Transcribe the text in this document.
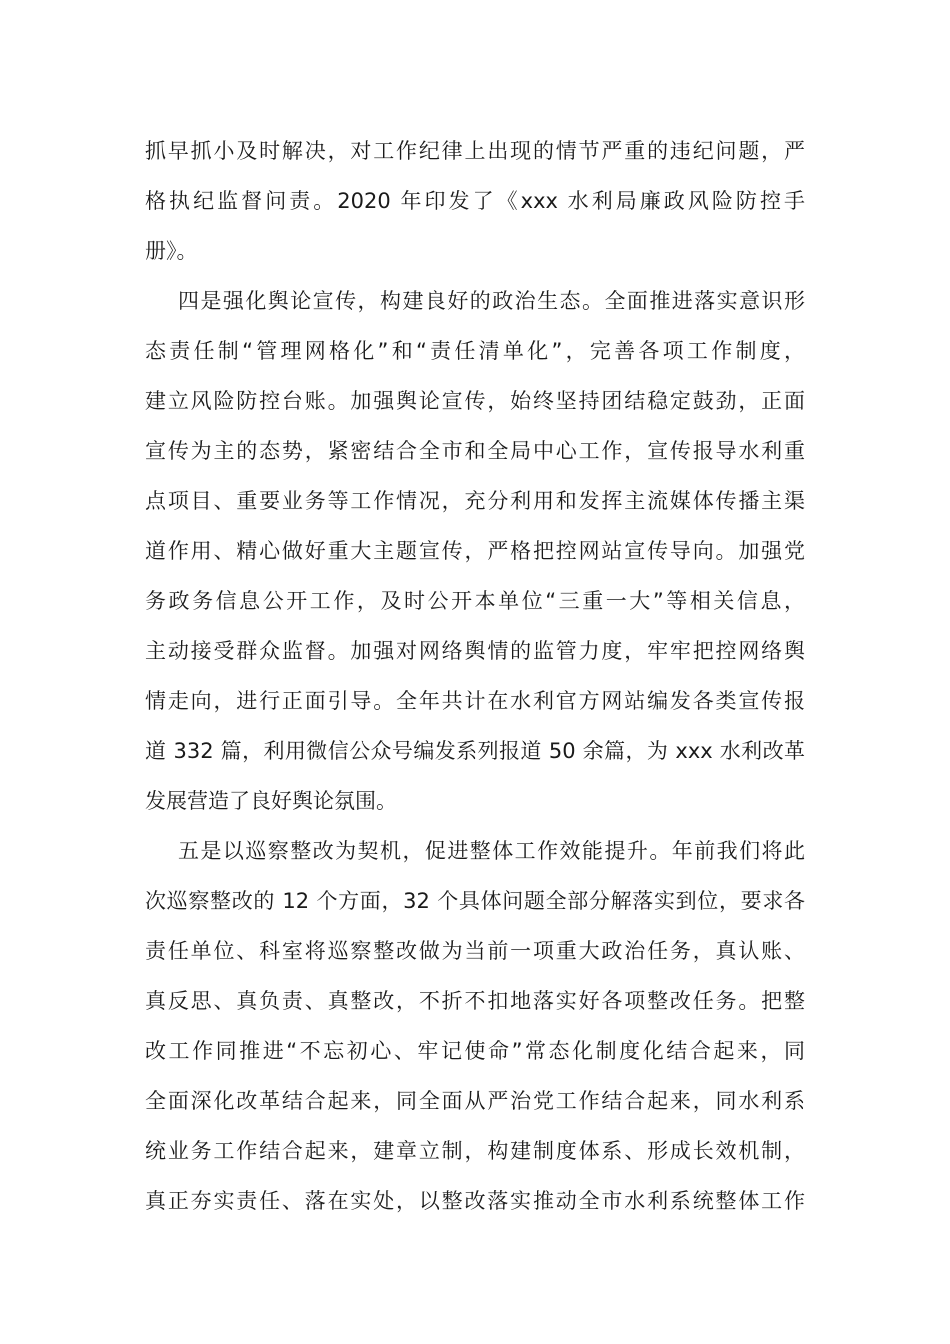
抓早抓小及时解决，对工作纪律上出现的情节严重的违纪问题，严
格执纪监督问责。2020 年印发了《xxx 水利局廉政风险防控手
册》。
四是强化舆论宣传，构建良好的政治生态。全面推进落实意识形
态责任制“管理网格化”和“责任清单化”，完善各项工作制度，
建立风险防控台账。加强舆论宣传，始终坚持团结稳定鼓劲，正面
宣传为主的态势，紧密结合全市和全局中心工作，宣传报导水利重
点项目、重要业务等工作情况，充分利用和发挥主流媒体传播主渠
道作用、精心做好重大主题宣传，严格把控网站宣传导向。加强党
务政务信息公开工作，及时公开本单位“三重一大”等相关信息，
主动接受群众监督。加强对网络舆情的监管力度，牢牢把控网络舆
情走向，进行正面引导。全年共计在水利官方网站编发各类宣传报
道 332 篇，利用微信公众号编发系列报道 50 余篇，为 xxx 水利改革
发展营造了良好舆论氛围。
五是以巡察整改为契机，促进整体工作效能提升。年前我们将此
次巡察整改的 12 个方面，32 个具体问题全部分解落实到位，要求各
责任单位、科室将巡察整改做为当前一项重大政治任务，真认账、
真反思、真负责、真整改，不折不扣地落实好各项整改任务。把整
改工作同推进“不忘初心、牢记使命”常态化制度化结合起来，同
全面深化改革结合起来，同全面从严治党工作结合起来，同水利系
统业务工作结合起来，建章立制，构建制度体系、形成长效机制，
真正夯实责任、落在实处，以整改落实推动全市水利系统整体工作
